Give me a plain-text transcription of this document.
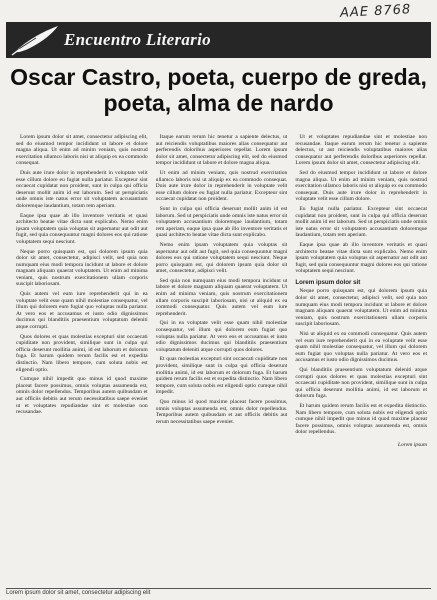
AAE 8768
Encuentro Literario
Oscar Castro, poeta, cuerpo de greda, poeta, alma de nardo

Lorem ipsum dolor sit amet, consectetur adipiscing elit, sed do eiusmod tempor incididunt ut labore et dolore magna aliqua. Ut enim ad minim veniam, quis nostrud exercitation ullamco laboris nisi ut aliquip ex ea commodo consequat.

Duis aute irure dolor in reprehenderit in voluptate velit esse cillum dolore eu fugiat nulla pariatur. Excepteur sint occaecat cupidatat non proident, sunt in culpa qui officia deserunt mollit anim id est laborum. Sed ut perspiciatis unde omnis iste natus error sit voluptatem accusantium doloremque laudantium, totam rem aperiam.

Eaque ipsa quae ab illo inventore veritatis et quasi architecto beatae vitae dicta sunt explicabo. Nemo enim ipsam voluptatem quia voluptas sit aspernatur aut odit aut fugit, sed quia consequuntur magni dolores eos qui ratione voluptatem sequi nesciunt.

Neque porro quisquam est, qui dolorem ipsum quia dolor sit amet, consectetur, adipisci velit, sed quia non numquam eius modi tempora incidunt ut labore et dolore magnam aliquam quaerat voluptatem. Ut enim ad minima veniam, quis nostrum exercitationem ullam corporis suscipit laboriosam.

Quis autem vel eum iure reprehenderit qui in ea voluptate velit esse quam nihil molestiae consequatur, vel illum qui dolorem eum fugiat quo voluptas nulla pariatur. At vero eos et accusamus et iusto odio dignissimos ducimus qui blanditiis praesentium voluptatum deleniti atque corrupti.

Quos dolores et quas molestias excepturi sint occaecati cupiditate non provident, similique sunt in culpa qui officia deserunt mollitia animi, id est laborum et dolorum fuga. Et harum quidem rerum facilis est et expedita distinctio. Nam libero tempore, cum soluta nobis est eligendi optio.

Cumque nihil impedit quo minus id quod maxime placeat facere possimus, omnis voluptas assumenda est, omnis dolor repellendus. Temporibus autem quibusdam et aut officiis debitis aut rerum necessitatibus saepe eveniet ut et voluptates repudiandae sint et molestiae non recusandae.

Itaque earum rerum hic tenetur a sapiente delectus, ut aut reiciendis voluptatibus maiores alias consequatur aut perferendis doloribus asperiores repellat. Lorem ipsum dolor sit amet, consectetur adipiscing elit, sed do eiusmod tempor incididunt ut labore et dolore magna aliqua.

Ut enim ad minim veniam, quis nostrud exercitation ullamco laboris nisi ut aliquip ex ea commodo consequat. Duis aute irure dolor in reprehenderit in voluptate velit esse cillum dolore eu fugiat nulla pariatur. Excepteur sint occaecat cupidatat non proident.

Sunt in culpa qui officia deserunt mollit anim id est laborum. Sed ut perspiciatis unde omnis iste natus error sit voluptatem accusantium doloremque laudantium, totam rem aperiam, eaque ipsa quae ab illo inventore veritatis et quasi architecto beatae vitae dicta sunt explicabo.

Nemo enim ipsam voluptatem quia voluptas sit aspernatur aut odit aut fugit, sed quia consequuntur magni dolores eos qui ratione voluptatem sequi nesciunt. Neque porro quisquam est, qui dolorem ipsum quia dolor sit amet, consectetur, adipisci velit.

Sed quia non numquam eius modi tempora incidunt ut labore et dolore magnam aliquam quaerat voluptatem. Ut enim ad minima veniam, quis nostrum exercitationem ullam corporis suscipit laboriosam, nisi ut aliquid ex ea commodi consequatur. Quis autem vel eum iure reprehenderit.

Qui in ea voluptate velit esse quam nihil molestiae consequatur, vel illum qui dolorem eum fugiat quo voluptas nulla pariatur. At vero eos et accusamus et iusto odio dignissimos ducimus qui blanditiis praesentium voluptatum deleniti atque corrupti quos dolores.

Et quas molestias excepturi sint occaecati cupiditate non provident, similique sunt in culpa qui officia deserunt mollitia animi, id est laborum et dolorum fuga. Et harum quidem rerum facilis est et expedita distinctio. Nam libero tempore, cum soluta nobis est eligendi optio cumque nihil impedit.

Quo minus id quod maxime placeat facere possimus, omnis voluptas assumenda est, omnis dolor repellendus. Temporibus autem quibusdam et aut officiis debitis aut rerum necessitatibus saepe eveniet.

Ut et voluptates repudiandae sint et molestiae non recusandae. Itaque earum rerum hic tenetur a sapiente delectus, ut aut reiciendis voluptatibus maiores alias consequatur aut perferendis doloribus asperiores repellat. Lorem ipsum dolor sit amet, consectetur adipiscing elit.

Sed do eiusmod tempor incididunt ut labore et dolore magna aliqua. Ut enim ad minim veniam, quis nostrud exercitation ullamco laboris nisi ut aliquip ex ea commodo consequat. Duis aute irure dolor in reprehenderit in voluptate velit esse cillum dolore.

Eu fugiat nulla pariatur. Excepteur sint occaecat cupidatat non proident, sunt in culpa qui officia deserunt mollit anim id est laborum. Sed ut perspiciatis unde omnis iste natus error sit voluptatem accusantium doloremque laudantium, totam rem aperiam.

Eaque ipsa quae ab illo inventore veritatis et quasi architecto beatae vitae dicta sunt explicabo. Nemo enim ipsam voluptatem quia voluptas sit aspernatur aut odit aut fugit, sed quia consequuntur magni dolores eos qui ratione voluptatem sequi nesciunt.

Lorem ipsum dolor sit

Neque porro quisquam est, qui dolorem ipsum quia dolor sit amet, consectetur, adipisci velit, sed quia non numquam eius modi tempora incidunt ut labore et dolore magnam aliquam quaerat voluptatem. Ut enim ad minima veniam, quis nostrum exercitationem ullam corporis suscipit laboriosam.

Nisi ut aliquid ex ea commodi consequatur. Quis autem vel eum iure reprehenderit qui in ea voluptate velit esse quam nihil molestiae consequatur, vel illum qui dolorem eum fugiat quo voluptas nulla pariatur. At vero eos et accusamus et iusto odio dignissimos ducimus.

Qui blanditiis praesentium voluptatum deleniti atque corrupti quos dolores et quas molestias excepturi sint occaecati cupiditate non provident, similique sunt in culpa qui officia deserunt mollitia animi, id est laborum et dolorum fuga.

Et harum quidem rerum facilis est et expedita distinctio. Nam libero tempore, cum soluta nobis est eligendi optio cumque nihil impedit quo minus id quod maxime placeat facere possimus, omnis voluptas assumenda est, omnis dolor repellendus.

Lorem ipsum

Lorem ipsum dolor sit amet, consectetur adipiscing elit
